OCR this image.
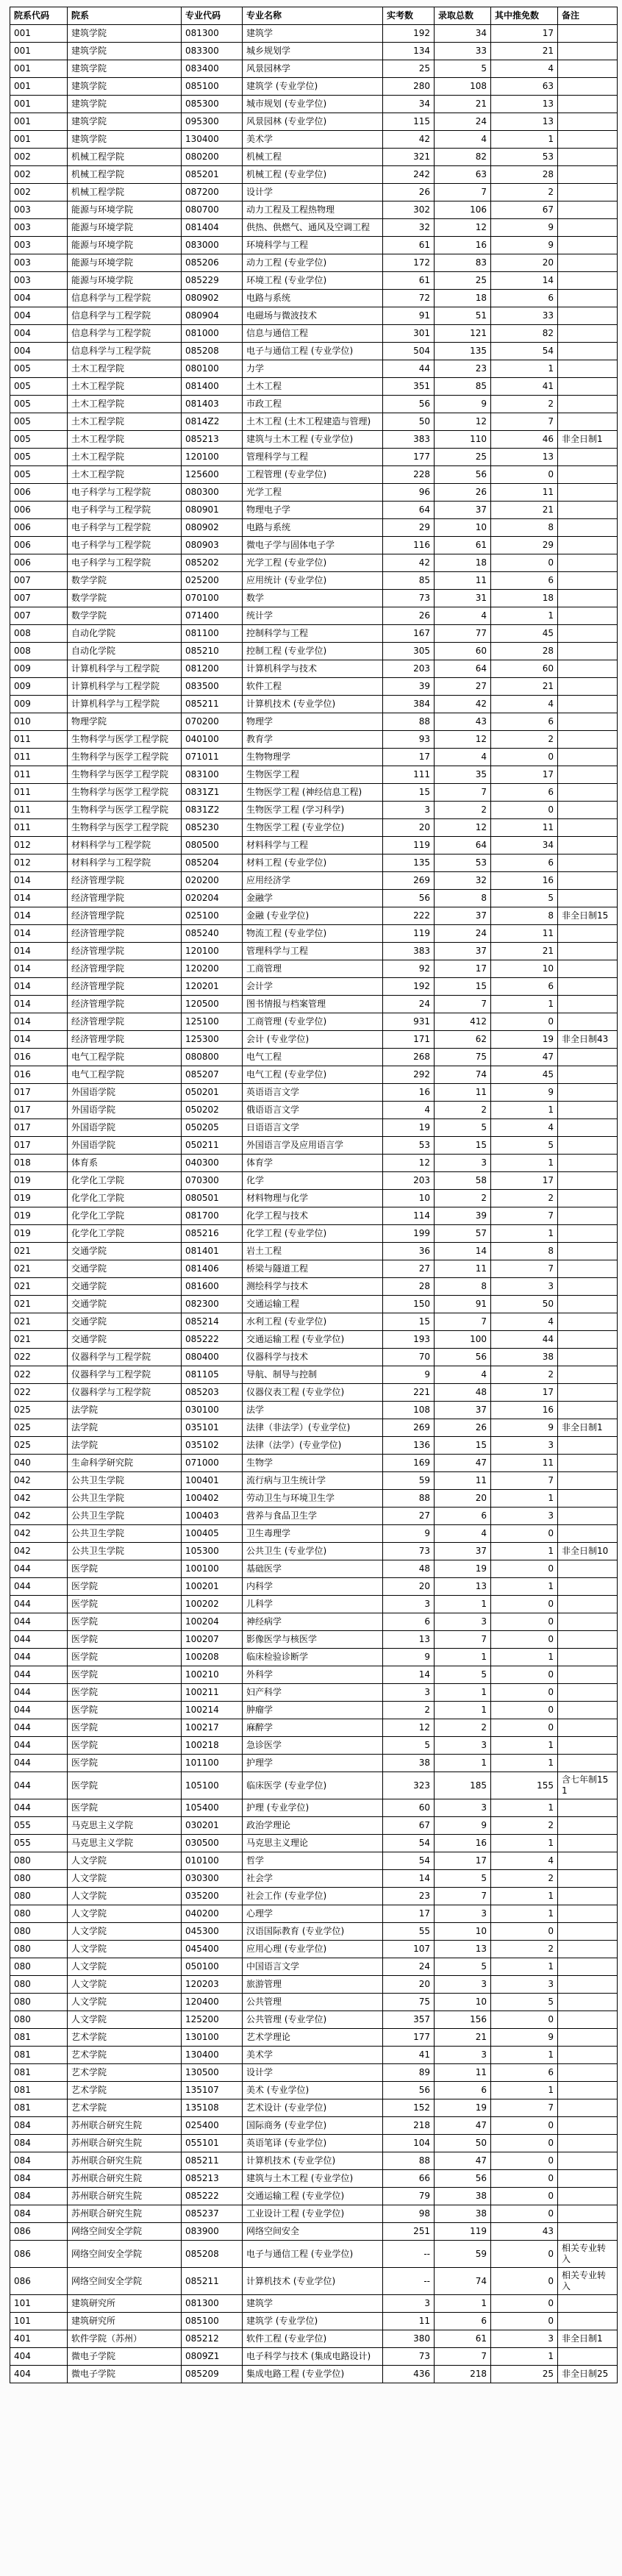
院系代码	院系	专业代码	专业名称	实考数	录取总数	其中推免数	备注
001	建筑学院	081300	建筑学	192	34	17	
001	建筑学院	083300	城乡规划学	134	33	21	
001	建筑学院	083400	风景园林学	25	5	4	
001	建筑学院	085100	建筑学 (专业学位)	280	108	63	
001	建筑学院	085300	城市规划 (专业学位)	34	21	13	
001	建筑学院	095300	风景园林 (专业学位)	115	24	13	
001	建筑学院	130400	美术学	42	4	1	
002	机械工程学院	080200	机械工程	321	82	53	
002	机械工程学院	085201	机械工程 (专业学位)	242	63	28	
002	机械工程学院	087200	设计学	26	7	2	
003	能源与环境学院	080700	动力工程及工程热物理	302	106	67	
003	能源与环境学院	081404	供热、供燃气、通风及空调工程	32	12	9	
003	能源与环境学院	083000	环境科学与工程	61	16	9	
003	能源与环境学院	085206	动力工程 (专业学位)	172	83	20	
003	能源与环境学院	085229	环境工程 (专业学位)	61	25	14	
004	信息科学与工程学院	080902	电路与系统	72	18	6	
004	信息科学与工程学院	080904	电磁场与微波技术	91	51	33	
004	信息科学与工程学院	081000	信息与通信工程	301	121	82	
004	信息科学与工程学院	085208	电子与通信工程 (专业学位)	504	135	54	
005	土木工程学院	080100	力学	44	23	1	
005	土木工程学院	081400	土木工程	351	85	41	
005	土木工程学院	081403	市政工程	56	9	2	
005	土木工程学院	0814Z2	土木工程 (土木工程建造与管理)	50	12	7	
005	土木工程学院	085213	建筑与土木工程 (专业学位)	383	110	46	非全日制1
005	土木工程学院	120100	管理科学与工程	177	25	13	
005	土木工程学院	125600	工程管理 (专业学位)	228	56	0	
006	电子科学与工程学院	080300	光学工程	96	26	11	
006	电子科学与工程学院	080901	物理电子学	64	37	21	
006	电子科学与工程学院	080902	电路与系统	29	10	8	
006	电子科学与工程学院	080903	微电子学与固体电子学	116	61	29	
006	电子科学与工程学院	085202	光学工程 (专业学位)	42	18	0	
007	数学学院	025200	应用统计 (专业学位)	85	11	6	
007	数学学院	070100	数学	73	31	18	
007	数学学院	071400	统计学	26	4	1	
008	自动化学院	081100	控制科学与工程	167	77	45	
008	自动化学院	085210	控制工程 (专业学位)	305	60	28	
009	计算机科学与工程学院	081200	计算机科学与技术	203	64	60	
009	计算机科学与工程学院	083500	软件工程	39	27	21	
009	计算机科学与工程学院	085211	计算机技术 (专业学位)	384	42	4	
010	物理学院	070200	物理学	88	43	6	
011	生物科学与医学工程学院	040100	教育学	93	12	2	
011	生物科学与医学工程学院	071011	生物物理学	17	4	0	
011	生物科学与医学工程学院	083100	生物医学工程	111	35	17	
011	生物科学与医学工程学院	0831Z1	生物医学工程 (神经信息工程)	15	7	6	
011	生物科学与医学工程学院	0831Z2	生物医学工程 (学习科学)	3	2	0	
011	生物科学与医学工程学院	085230	生物医学工程 (专业学位)	20	12	11	
012	材料科学与工程学院	080500	材料科学与工程	119	64	34	
012	材料科学与工程学院	085204	材料工程 (专业学位)	135	53	6	
014	经济管理学院	020200	应用经济学	269	32	16	
014	经济管理学院	020204	金融学	56	8	5	
014	经济管理学院	025100	金融 (专业学位)	222	37	8	非全日制15
014	经济管理学院	085240	物流工程 (专业学位)	119	24	11	
014	经济管理学院	120100	管理科学与工程	383	37	21	
014	经济管理学院	120200	工商管理	92	17	10	
014	经济管理学院	120201	会计学	192	15	6	
014	经济管理学院	120500	图书情报与档案管理	24	7	1	
014	经济管理学院	125100	工商管理 (专业学位)	931	412	0	
014	经济管理学院	125300	会计 (专业学位)	171	62	19	非全日制43
016	电气工程学院	080800	电气工程	268	75	47	
016	电气工程学院	085207	电气工程 (专业学位)	292	74	45	
017	外国语学院	050201	英语语言文学	16	11	9	
017	外国语学院	050202	俄语语言文学	4	2	1	
017	外国语学院	050205	日语语言文学	19	5	4	
017	外国语学院	050211	外国语言学及应用语言学	53	15	5	
018	体育系	040300	体育学	12	3	1	
019	化学化工学院	070300	化学	203	58	17	
019	化学化工学院	080501	材料物理与化学	10	2	2	
019	化学化工学院	081700	化学工程与技术	114	39	7	
019	化学化工学院	085216	化学工程 (专业学位)	199	57	1	
021	交通学院	081401	岩土工程	36	14	8	
021	交通学院	081406	桥梁与隧道工程	27	11	7	
021	交通学院	081600	测绘科学与技术	28	8	3	
021	交通学院	082300	交通运输工程	150	91	50	
021	交通学院	085214	水利工程 (专业学位)	15	7	4	
021	交通学院	085222	交通运输工程 (专业学位)	193	100	44	
022	仪器科学与工程学院	080400	仪器科学与技术	70	56	38	
022	仪器科学与工程学院	081105	导航、制导与控制	9	4	2	
022	仪器科学与工程学院	085203	仪器仪表工程 (专业学位)	221	48	17	
025	法学院	030100	法学	108	37	16	
025	法学院	035101	法律（非法学）(专业学位)	269	26	9	非全日制1
025	法学院	035102	法律（法学）(专业学位)	136	15	3	
040	生命科学研究院	071000	生物学	169	47	11	
042	公共卫生学院	100401	流行病与卫生统计学	59	11	7	
042	公共卫生学院	100402	劳动卫生与环境卫生学	88	20	1	
042	公共卫生学院	100403	营养与食品卫生学	27	6	3	
042	公共卫生学院	100405	卫生毒理学	9	4	0	
042	公共卫生学院	105300	公共卫生 (专业学位)	73	37	1	非全日制10
044	医学院	100100	基础医学	48	19	0	
044	医学院	100201	内科学	20	13	1	
044	医学院	100202	儿科学	3	1	0	
044	医学院	100204	神经病学	6	3	0	
044	医学院	100207	影像医学与核医学	13	7	0	
044	医学院	100208	临床检验诊断学	9	1	1	
044	医学院	100210	外科学	14	5	0	
044	医学院	100211	妇产科学	3	1	0	
044	医学院	100214	肿瘤学	2	1	0	
044	医学院	100217	麻醉学	12	2	0	
044	医学院	100218	急诊医学	5	3	1	
044	医学院	101100	护理学	38	1	1	
044	医学院	105100	临床医学 (专业学位)	323	185	155	含七年制151
044	医学院	105400	护理 (专业学位)	60	3	1	
055	马克思主义学院	030201	政治学理论	67	9	2	
055	马克思主义学院	030500	马克思主义理论	54	16	1	
080	人文学院	010100	哲学	54	17	4	
080	人文学院	030300	社会学	14	5	2	
080	人文学院	035200	社会工作 (专业学位)	23	7	1	
080	人文学院	040200	心理学	17	3	1	
080	人文学院	045300	汉语国际教育 (专业学位)	55	10	0	
080	人文学院	045400	应用心理 (专业学位)	107	13	2	
080	人文学院	050100	中国语言文学	24	5	1	
080	人文学院	120203	旅游管理	20	3	3	
080	人文学院	120400	公共管理	75	10	5	
080	人文学院	125200	公共管理 (专业学位)	357	156	0	
081	艺术学院	130100	艺术学理论	177	21	9	
081	艺术学院	130400	美术学	41	3	1	
081	艺术学院	130500	设计学	89	11	6	
081	艺术学院	135107	美术 (专业学位)	56	6	1	
081	艺术学院	135108	艺术设计 (专业学位)	152	19	7	
084	苏州联合研究生院	025400	国际商务 (专业学位)	218	47	0	
084	苏州联合研究生院	055101	英语笔译 (专业学位)	104	50	0	
084	苏州联合研究生院	085211	计算机技术 (专业学位)	88	47	0	
084	苏州联合研究生院	085213	建筑与土木工程 (专业学位)	66	56	0	
084	苏州联合研究生院	085222	交通运输工程 (专业学位)	79	38	0	
084	苏州联合研究生院	085237	工业设计工程 (专业学位)	98	38	0	
086	网络空间安全学院	083900	网络空间安全	251	119	43	
086	网络空间安全学院	085208	电子与通信工程 (专业学位)	--	59	0	相关专业转入
086	网络空间安全学院	085211	计算机技术 (专业学位)	--	74	0	相关专业转入
101	建筑研究所	081300	建筑学	3	1	0	
101	建筑研究所	085100	建筑学 (专业学位)	11	6	0	
401	软件学院（苏州）	085212	软件工程 (专业学位)	380	61	3	非全日制1
404	微电子学院	0809Z1	电子科学与技术 (集成电路设计)	73	7	1	
404	微电子学院	085209	集成电路工程 (专业学位)	436	218	25	非全日制25
